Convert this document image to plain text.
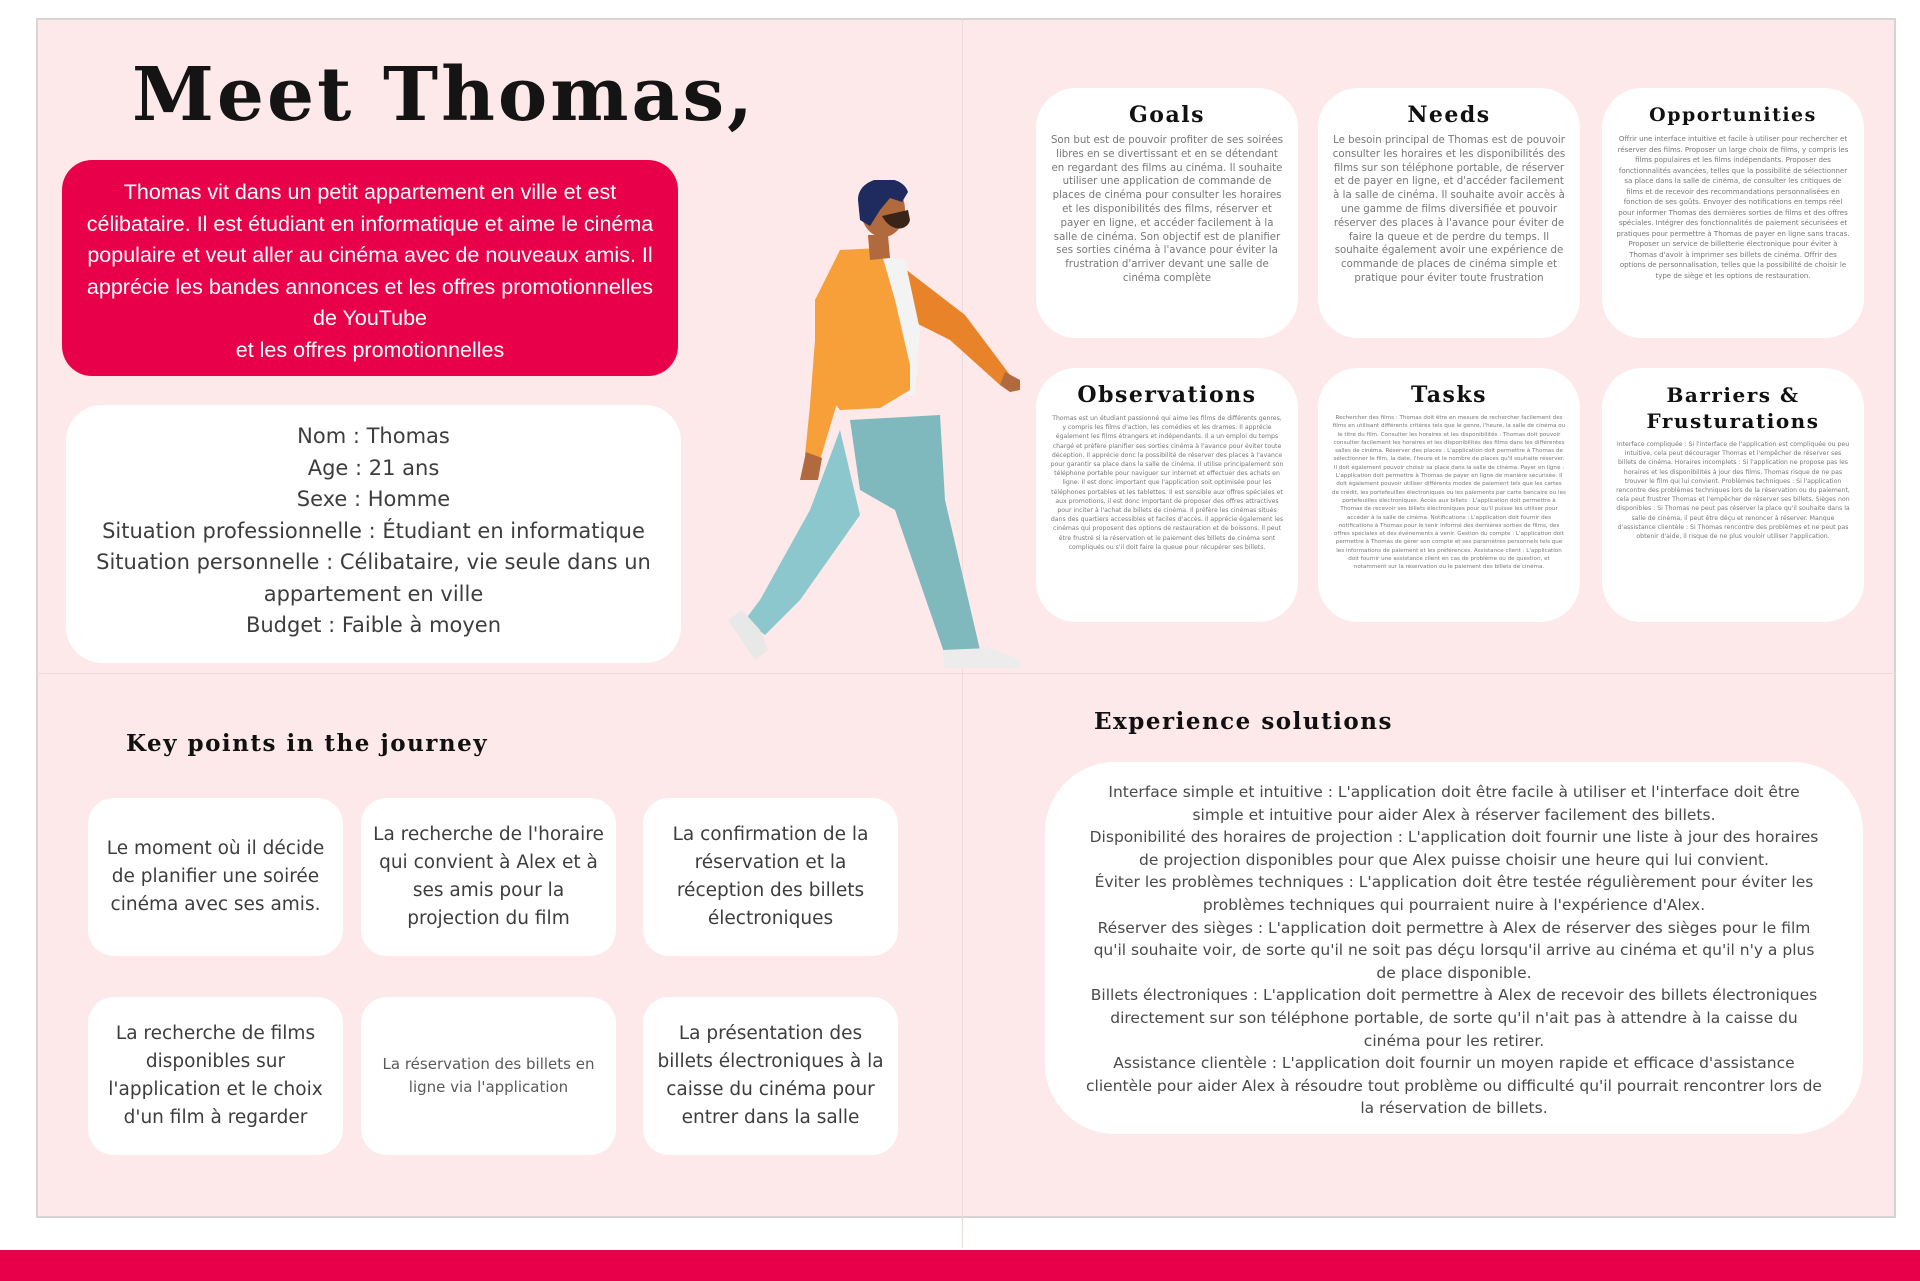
Meet Thomas,

Thomas vit dans un petit appartement en ville et est célibataire. Il est étudiant en informatique et aime le cinéma populaire et veut aller au cinéma avec de nouveaux amis. Il apprécie les bandes annonces et les offres promotionnelles de YouTube

et les offres promotionnelles

Nom : Thomas
Age : 21 ans
Sexe : Homme
Situation professionnelle : Étudiant en informatique
Situation personnelle : Célibataire, vie seule dans un appartement en ville
Budget : Faible à moyen
Goals
Son but est de pouvoir profiter de ses soirées libres en se divertissant et en se détendant en regardant des films au cinéma. Il souhaite utiliser une application de commande de places de cinéma pour consulter les horaires et les disponibilités des films, réserver et payer en ligne, et accéder facilement à la salle de cinéma. Son objectif est de planifier ses sorties cinéma à l'avance pour éviter la frustration d'arriver devant une salle de cinéma complète
Needs
Le besoin principal de Thomas est de pouvoir consulter les horaires et les disponibilités des films sur son téléphone portable, de réserver et de payer en ligne, et d'accéder facilement à la salle de cinéma. Il souhaite avoir accès à une gamme de films diversifiée et pouvoir réserver des places à l'avance pour éviter de faire la queue et de perdre du temps. Il souhaite également avoir une expérience de commande de places de cinéma simple et pratique pour éviter toute frustration
Opportunities
Offrir une interface intuitive et facile à utiliser pour rechercher et réserver des films. Proposer un large choix de films, y compris les films populaires et les films indépendants. Proposer des fonctionnalités avancées, telles que la possibilité de sélectionner sa place dans la salle de cinéma, de consulter les critiques de films et de recevoir des recommandations personnalisées en fonction de ses goûts. Envoyer des notifications en temps réel pour informer Thomas des dernières sorties de films et des offres spéciales. Intégrer des fonctionnalités de paiement sécurisées et pratiques pour permettre à Thomas de payer en ligne sans tracas. Proposer un service de billetterie électronique pour éviter à Thomas d'avoir à imprimer ses billets de cinéma. Offrir des options de personnalisation, telles que la possibilité de choisir le type de siège et les options de restauration.
Observations
Thomas est un étudiant passionné qui aime les films de différents genres, y compris les films d'action, les comédies et les drames. Il apprécie également les films étrangers et indépendants. Il a un emploi du temps chargé et préfère planifier ses sorties cinéma à l'avance pour éviter toute déception. Il apprécie donc la possibilité de réserver des places à l'avance pour garantir sa place dans la salle de cinéma. Il utilise principalement son téléphone portable pour naviguer sur internet et effectuer des achats en ligne. Il est donc important que l'application soit optimisée pour les téléphones portables et les tablettes. Il est sensible aux offres spéciales et aux promotions, il est donc important de proposer des offres attractives pour inciter à l'achat de billets de cinéma. Il préfère les cinémas situés dans des quartiers accessibles et faciles d'accès. Il apprécie également les cinémas qui proposent des options de restauration et de boissons. Il peut être frustré si la réservation et le paiement des billets de cinéma sont compliqués ou s'il doit faire la queue pour récupérer ses billets.
Tasks
Rechercher des films : Thomas doit être en mesure de rechercher facilement des films en utilisant différents critères tels que le genre, l'heure, la salle de cinéma ou le titre du film. Consulter les horaires et les disponibilités : Thomas doit pouvoir consulter facilement les horaires et les disponibilités des films dans les différentes salles de cinéma. Réserver des places : L'application doit permettre à Thomas de sélectionner le film, la date, l'heure et le nombre de places qu'il souhaite réserver. Il doit également pouvoir choisir sa place dans la salle de cinéma. Payer en ligne : L'application doit permettre à Thomas de payer en ligne de manière sécurisée. Il doit également pouvoir utiliser différents modes de paiement tels que les cartes de crédit, les portefeuilles électroniques ou les paiements par carte bancaire ou les portefeuilles électroniques. Accès aux billets : L'application doit permettre à Thomas de recevoir ses billets électroniques pour qu'il puisse les utiliser pour accéder à la salle de cinéma. Notifications : L'application doit fournir des notifications à Thomas pour le tenir informé des dernières sorties de films, des offres spéciales et des événements à venir. Gestion du compte : L'application doit permettre à Thomas de gérer son compte et ses paramètres personnels tels que les informations de paiement et les préférences. Assistance client : L'application doit fournir une assistance client en cas de problème ou de question, et notamment sur la réservation ou le paiement des billets de cinéma.
Barriers & Frusturations
Interface compliquée : Si l'interface de l'application est compliquée ou peu intuitive, cela peut décourager Thomas et l'empêcher de réserver ses billets de cinéma. Horaires incomplets : Si l'application ne propose pas les horaires et les disponibilités à jour des films, Thomas risque de ne pas trouver le film qui lui convient. Problèmes techniques : Si l'application rencontre des problèmes techniques lors de la réservation ou du paiement, cela peut frustrer Thomas et l'empêcher de réserver ses billets. Sièges non disponibles : Si Thomas ne peut pas réserver la place qu'il souhaite dans la salle de cinéma, il peut être déçu et renoncer à réserver. Manque d'assistance clientèle : Si Thomas rencontre des problèmes et ne peut pas obtenir d'aide, il risque de ne plus vouloir utiliser l'application.
Key points in the journey
Le moment où il décide de planifier une soirée cinéma avec ses amis.
La recherche de l'horaire qui convient à Alex et à ses amis pour la projection du film
La confirmation de la réservation et la réception des billets électroniques
La recherche de films disponibles sur l'application et le choix d'un film à regarder
La réservation des billets en ligne via l'application
La présentation des billets électroniques à la caisse du cinéma pour entrer dans la salle
Experience solutions

Interface simple et intuitive : L'application doit être facile à utiliser et l'interface doit être simple et intuitive pour aider Alex à réserver facilement des billets.

Disponibilité des horaires de projection : L'application doit fournir une liste à jour des horaires de projection disponibles pour que Alex puisse choisir une heure qui lui convient.

Éviter les problèmes techniques : L'application doit être testée régulièrement pour éviter les problèmes techniques qui pourraient nuire à l'expérience d'Alex.

Réserver des sièges : L'application doit permettre à Alex de réserver des sièges pour le film qu'il souhaite voir, de sorte qu'il ne soit pas déçu lorsqu'il arrive au cinéma et qu'il n'y a plus de place disponible.

Billets électroniques : L'application doit permettre à Alex de recevoir des billets électroniques directement sur son téléphone portable, de sorte qu'il n'ait pas à attendre à la caisse du cinéma pour les retirer.

Assistance clientèle : L'application doit fournir un moyen rapide et efficace d'assistance clientèle pour aider Alex à résoudre tout problème ou difficulté qu'il pourrait rencontrer lors de la réservation de billets.
